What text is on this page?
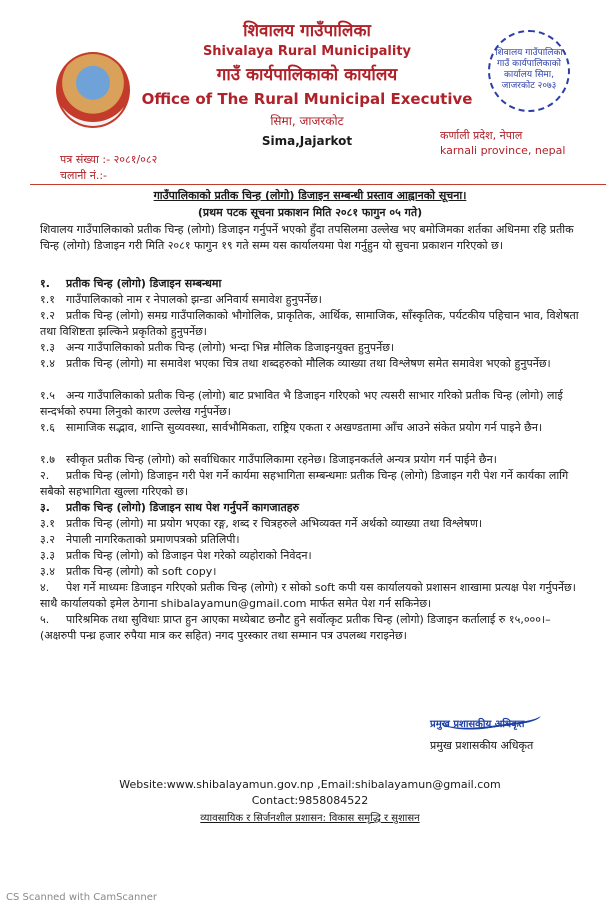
शिवालय गाउँपालिका
Shivalaya Rural Municipality
गाउँ कार्यपालिकाको कार्यालय
Office of The Rural Municipal Executive
सिमा, जाजरकोट
Sima,Jajarkot
शिवालय गाउँपालिका गाउँ कार्यपालिकाको कार्यालय सिमा, जाजरकोट २०७३
कर्णाली प्रदेश, नेपाल
karnali province, nepal
पत्र संख्या :- २०८१/०८२
चलानी नं.:-
गाउँपालिकाको प्रतीक चिन्ह (लोगो) डिजाइन सम्बन्धी प्रस्ताव आह्वानको सूचना।
(प्रथम पटक सूचना प्रकाशन मिति २०८१ फागुन ०५ गते)
शिवालय गाउँपालिकाको प्रतीक चिन्ह (लोगो) डिजाइन गर्नुपर्ने भएको हुँदा तपसिलमा उल्लेख भए बमोजिमका शर्तका अधिनमा रहि प्रतीक चिन्ह (लोगो) डिजाइन गरी मिति २०८१ फागुन १९ गते सम्म यस कार्यालयमा पेश गर्नुहुन यो सुचना प्रकाशन गरिएको छ।
१.प्रतीक चिन्ह (लोगो) डिजाइन सम्बन्धमा
१.१गाउँपालिकाको नाम र नेपालको झन्डा अनिवार्य समावेश हुनुपर्नेछ।
१.२प्रतीक चिन्ह (लोगो) समग्र गाउँपालिकाको भौगोलिक, प्राकृतिक, आर्थिक, सामाजिक, साँस्कृतिक, पर्यटकीय पहिचान भाव, विशेषता तथा विशिष्टता झल्किने प्रकृतिको हुनुपर्नेछ।
१.३अन्य गाउँपालिकाको प्रतीक चिन्ह (लोगो) भन्दा भिन्न मौलिक डिजाइनयुक्त हुनुपर्नेछ।
१.४प्रतीक चिन्ह (लोगो) मा समावेश भएका चित्र तथा शब्दहरुको मौलिक व्याख्या तथा विश्लेषण समेत समावेश भएको हुनुपर्नेछ।
१.५अन्य गाउँपालिकाको प्रतीक चिन्ह (लोगो) बाट प्रभावित भै डिजाइन गरिएको भए त्यसरी साभार गरिको प्रतीक चिन्ह (लोगो) लाई सन्दर्भको रुपमा लिनुको कारण उल्लेख गर्नुपर्नेछ।
१.६सामाजिक सद्भाव, शान्ति सुव्यवस्था, सार्वभौमिकता, राष्ट्रिय एकता र अखण्डतामा आँच आउने संकेत प्रयोग गर्न पाइने छैन।
१.७स्वीकृत प्रतीक चिन्ह (लोगो) को सर्वाधिकार गाउँपालिकामा रहनेछ। डिजाइनकर्तले अन्यत्र प्रयोग गर्न पाईने छैन।
२.प्रतीक चिन्ह (लोगो) डिजाइन गरी पेश गर्ने कार्यमा सहभागिता सम्बन्धमाः प्रतीक चिन्ह (लोगो) डिजाइन गरी पेश गर्ने कार्यका लागि सबैको सहभागिता खुल्ला गरिएको छ।
३.प्रतीक चिन्ह (लोगो) डिजाइन साथ पेश गर्नुपर्ने कागजातहरु
३.१प्रतीक चिन्ह (लोगो) मा प्रयोग भएका रङ्ग, शब्द र चित्रहरुले अभिव्यक्त गर्ने अर्थको व्याख्या तथा विश्लेषण।
३.२नेपाली नागरिकताको प्रमाणपत्रको प्रतिलिपी।
३.३प्रतीक चिन्ह (लोगो) को डिजाइन पेश गरेको व्यहोराको निवेदन।
३.४प्रतीक चिन्ह (लोगो) को soft copy।
४.पेश गर्ने माध्यमः डिजाइन गरिएको प्रतीक चिन्ह (लोगो) र सोको soft कपी यस कार्यालयको प्रशासन शाखामा प्रत्यक्ष पेश गर्नुपर्नेछ। साथै कार्यालयको इमेल ठेगाना shibalayamun@gmail.com मार्फत समेत पेश गर्न सकिनेछ।
५.पारिश्रमिक तथा सुविधाः प्राप्त हुन आएका मध्येबाट छनौट हुने सर्वोत्कृट प्रतीक चिन्ह (लोगो) डिजाइन कर्तालाई रु १५,०००।– (अक्षरुपी पन्ध्र हजार रुपैया मात्र कर सहित) नगद पुरस्कार तथा सम्मान पत्र उपलब्ध गराइनेछ।
प्रमुख प्रशासकीय अधिकृत
प्रमुख प्रशासकीय अधिकृत
Website:www.shibalayamun.gov.np ,Email:shibalayamun@gmail.com
Contact:9858084522
व्यावसायिक र सिर्जनशील प्रशासन: विकास समृद्धि र सुशासन
CS Scanned with CamScanner
